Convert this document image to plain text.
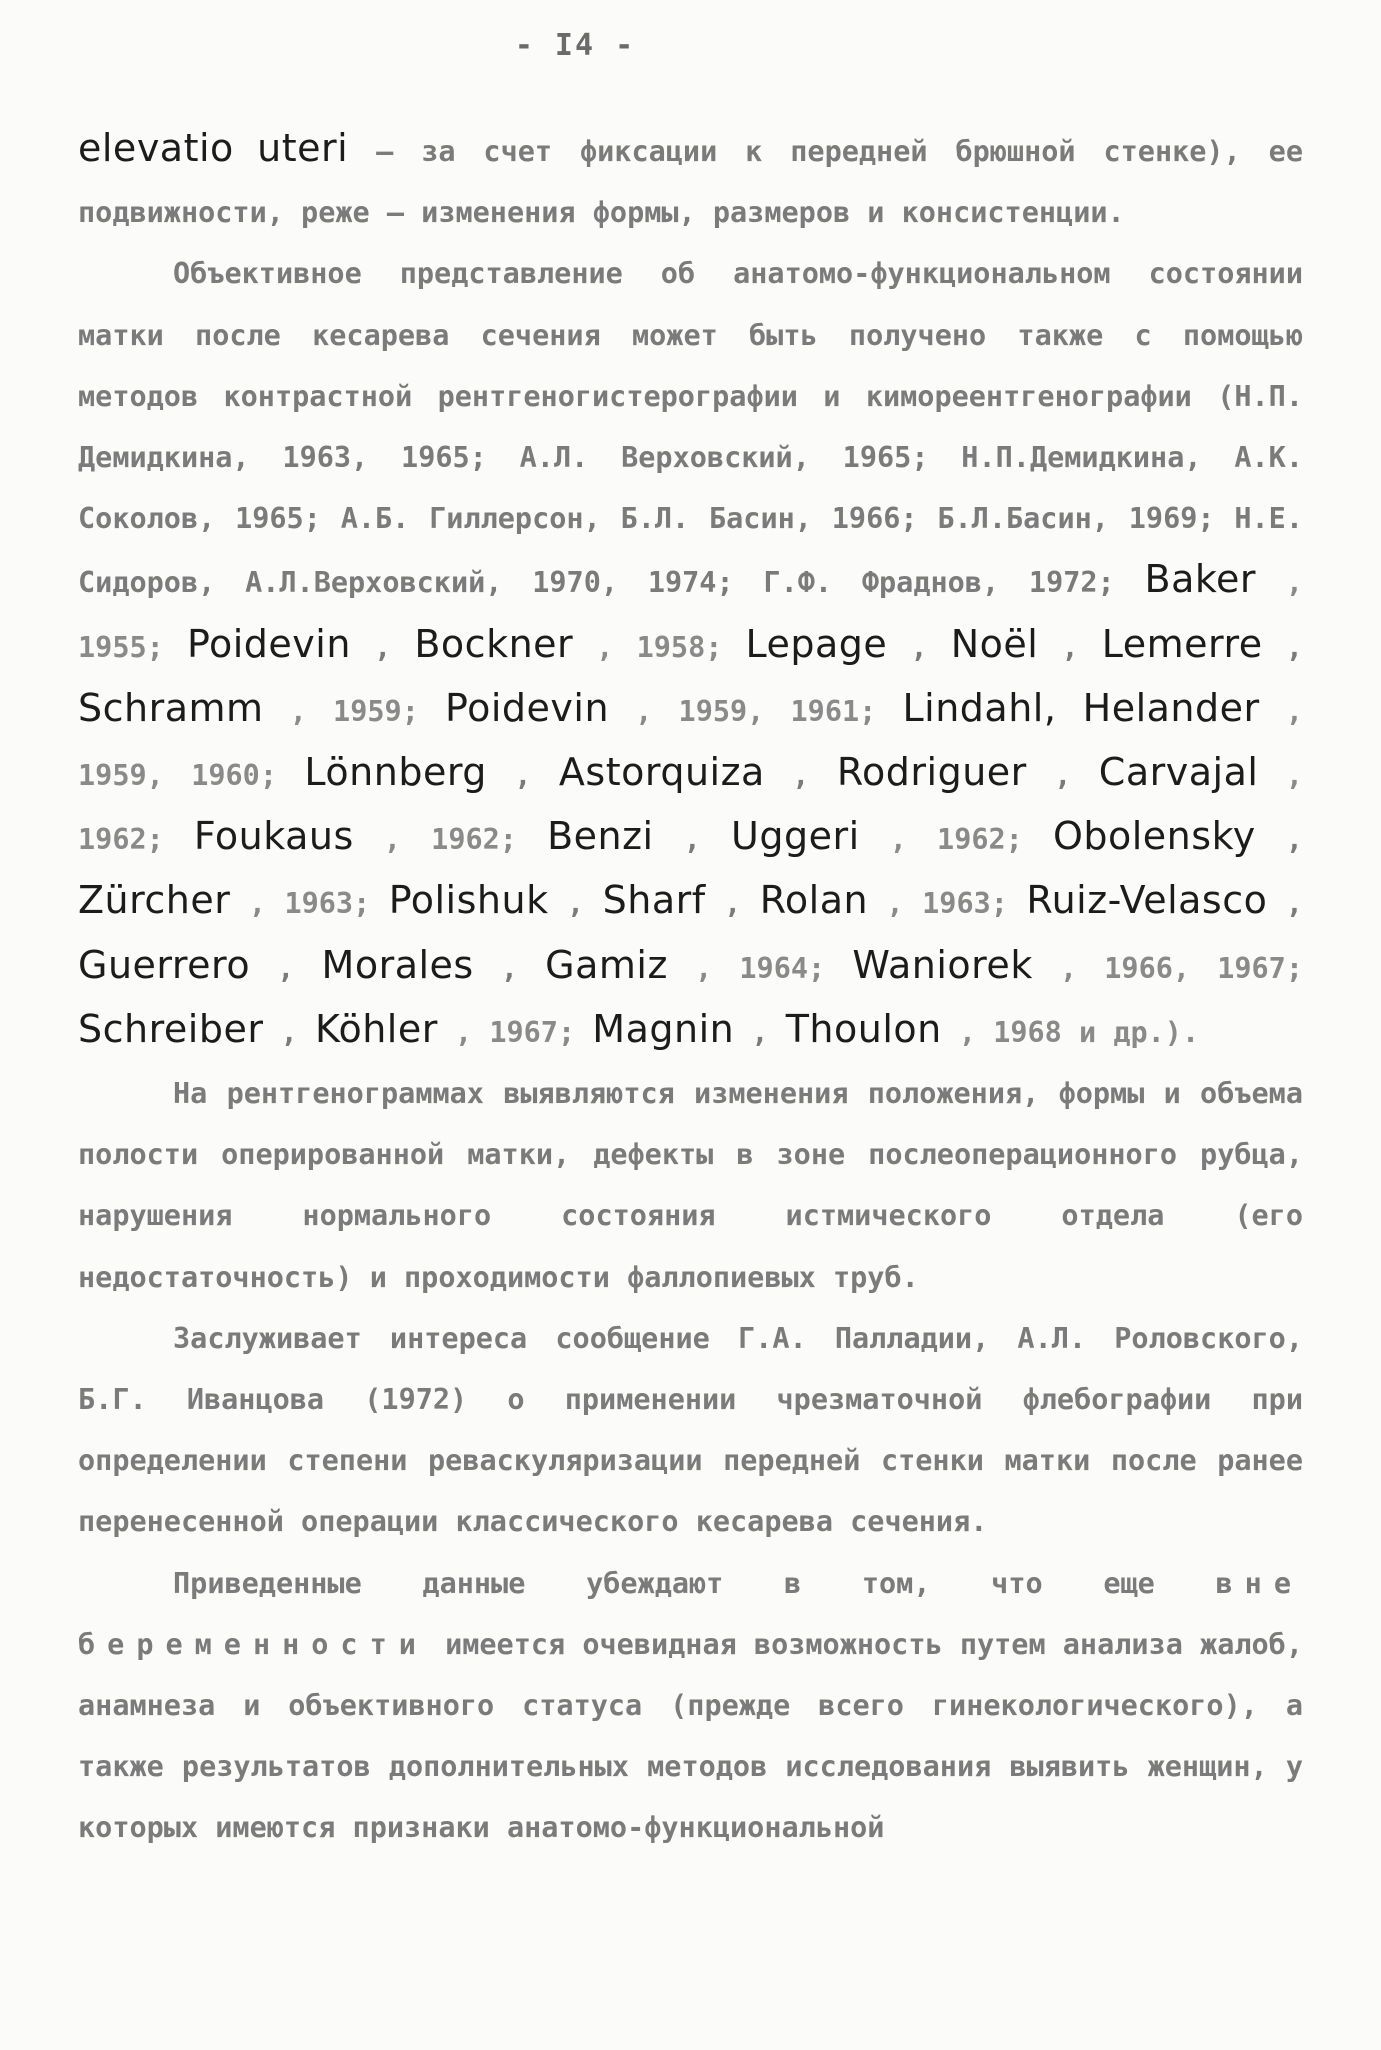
- I4 -

elevatio uteri – за счет фиксации к передней брюшной стенке), ее подвижности, реже – изменения формы, размеров и консистенции.

Объективное представление об анатомо-функциональном состоянии матки после кесарева сечения может быть получено также с помощью методов контрастной рентгеногистерографии и кимореентгенографии (Н.П. Демидкина, 1963, 1965; А.Л. Верховский, 1965; Н.П.Демидкина, А.К. Соколов, 1965; А.Б. Гиллерсон, Б.Л. Басин, 1966; Б.Л.Басин, 1969; Н.Е. Сидоров, А.Л.Верховский, 1970, 1974; Г.Ф. Фраднов, 1972; Baker , 1955; Poidevin , Bockner , 1958; Lepage , Noël , Lemerre , Schramm , 1959; Poidevin , 1959, 1961; Lindahl, Helander , 1959, 1960; Lönnberg , Astorquiza , Rodriguer , Carvajal , 1962; Foukaus , 1962; Benzi , Uggeri , 1962; Obolensky , Zürcher , 1963; Polishuk , Sharf , Rolan , 1963; Ruiz-Velasco , Guerrero , Morales , Gamiz , 1964; Waniorek , 1966, 1967; Schreiber , Köhler , 1967; Magnin , Thoulon , 1968 и др.).

На рентгенограммах выявляются изменения положения, формы и объема полости оперированной матки, дефекты в зоне послеоперационного рубца, нарушения нормального состояния истмического отдела (его недостаточность) и проходимости фаллопиевых труб.

Заслуживает интереса сообщение Г.А. Палладии, А.Л. Роловского, Б.Г. Иванцова (1972) о применении чрезматочной флебографии при определении степени реваскуляризации передней стенки матки после ранее перенесенной операции классического кесарева сечения.

Приведенные данные убеждают в том, что еще вне беременности имеется очевидная возможность путем анализа жалоб, анамнеза и объективного статуса (прежде всего гинекологического), а также результатов дополнительных методов исследования выявить женщин, у которых имеются признаки анатомо-функциональной
